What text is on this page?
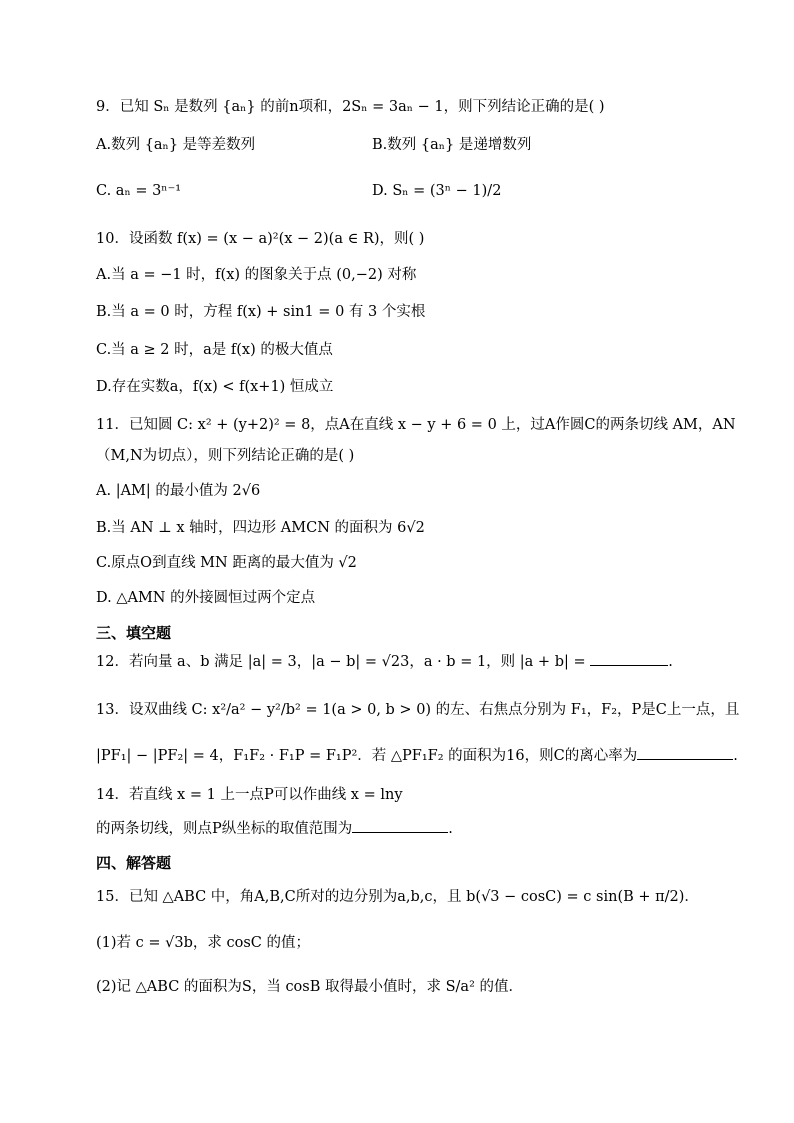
9．已知 Sₙ 是数列 {aₙ} 的前n项和，2Sₙ = 3aₙ − 1，则下列结论正确的是( )
A.数列 {aₙ} 是等差数列	B.数列 {aₙ} 是递增数列
C. aₙ = 3ⁿ⁻¹	D. Sₙ = (3ⁿ − 1)/2
10．设函数 f(x) = (x − a)²(x − 2)(a ∈ R)，则( )
A.当 a = −1 时，f(x) 的图象关于点 (0,−2) 对称
B.当 a = 0 时，方程 f(x) + sin1 = 0 有 3 个实根
C.当 a ≥ 2 时，a是 f(x) 的极大值点
D.存在实数a，f(x) < f(x+1) 恒成立
11．已知圆 C: x² + (y+2)² = 8，点A在直线 x − y + 6 = 0 上，过A作圆C的两条切线 AM，AN
（M,N为切点），则下列结论正确的是( )
A. |AM| 的最小值为 2√6
B.当 AN ⊥ x 轴时，四边形 AMCN 的面积为 6√2
C.原点O到直线 MN 距离的最大值为 √2
D. △AMN 的外接圆恒过两个定点
三、填空题
12．若向量 a、b 满足 |a| = 3，|a − b| = √23，a · b = 1，则 |a + b| =	.
13．设双曲线 C: x²/a² − y²/b² = 1(a > 0, b > 0) 的左、右焦点分别为 F₁，F₂，P是C上一点，且
|PF₁| − |PF₂| = 4，F₁F₂ · F₁P = F₁P²．若 △PF₁F₂ 的面积为16，则C的离心率为	.
14．若直线 x = 1 上一点P可以作曲线 x = lny
的两条切线，则点P纵坐标的取值范围为	.
四、解答题
15．已知 △ABC 中，角A,B,C所对的边分别为a,b,c，且 b(√3 − cosC) = c sin(B + π/2)．
(1)若 c = √3b，求 cosC 的值；
(2)记 △ABC 的面积为S，当 cosB 取得最小值时，求 S/a² 的值．
